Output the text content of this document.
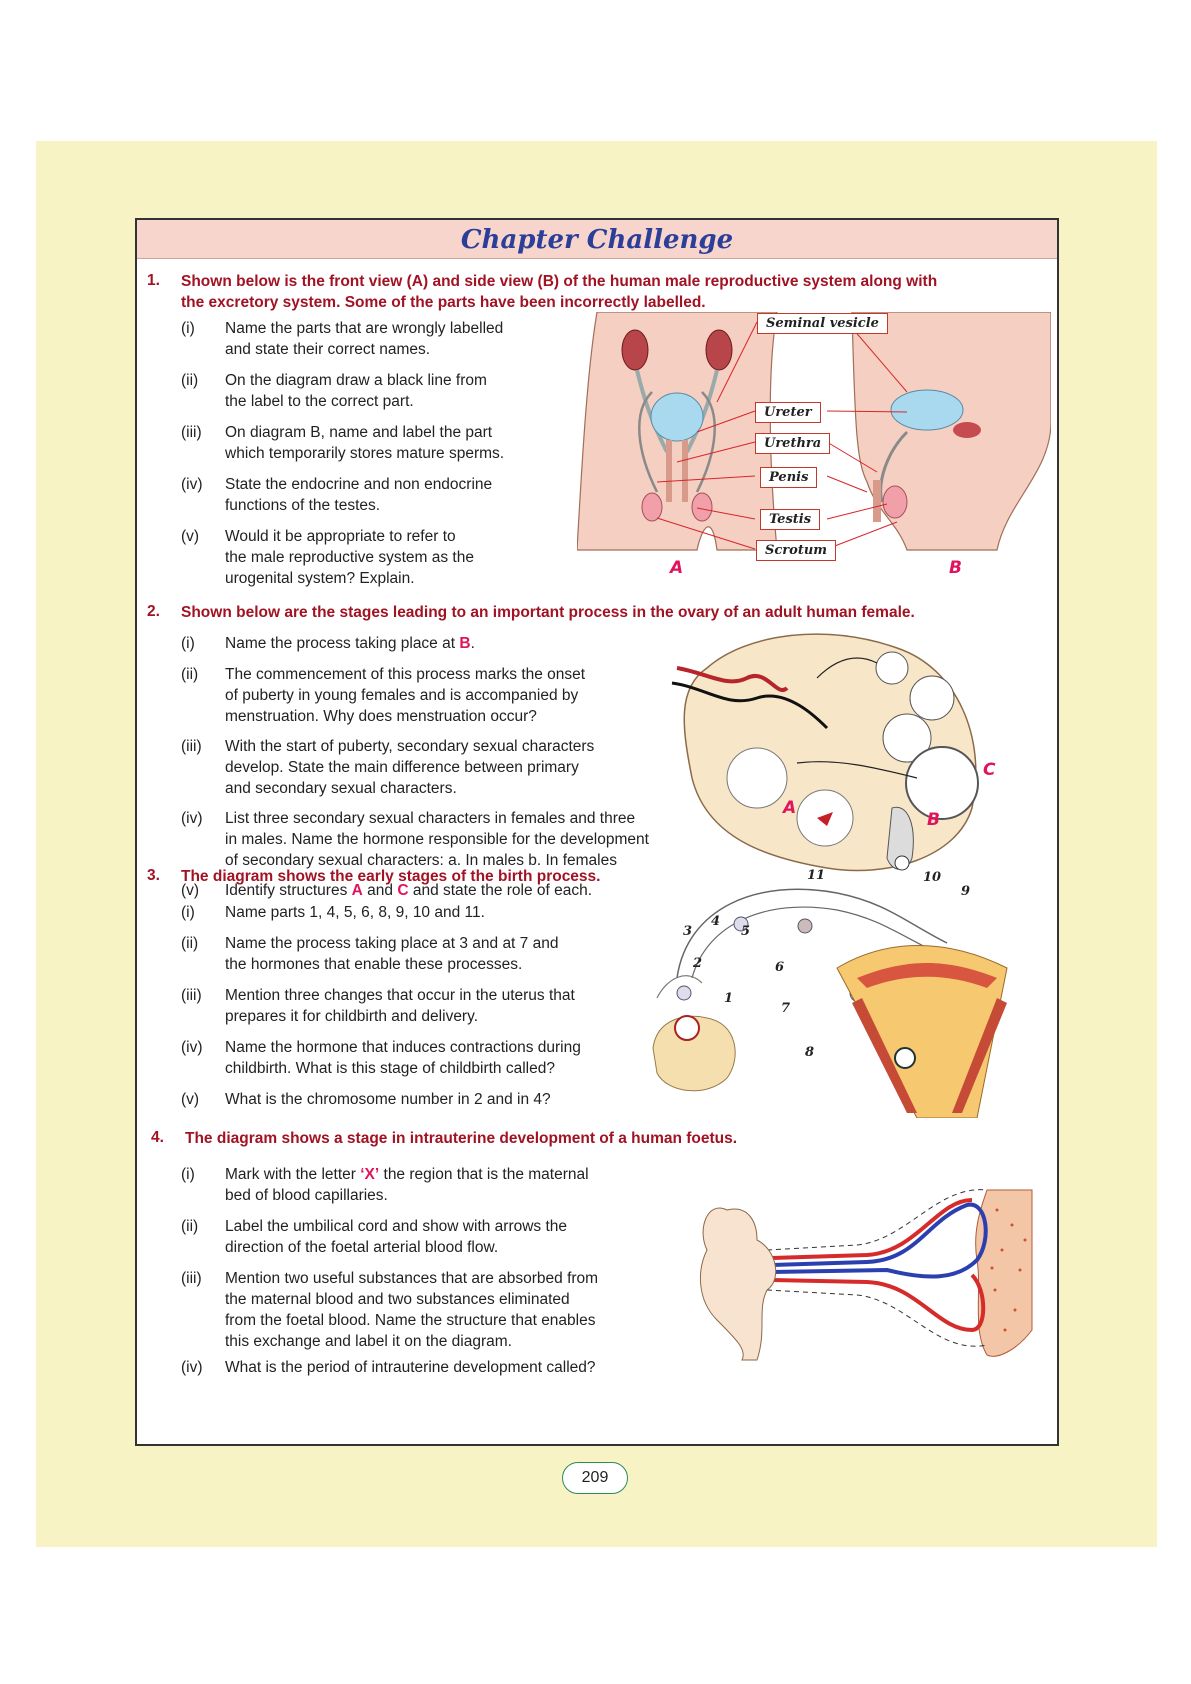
Chapter Challenge
1. Shown below is the front view (A) and side view (B) of the human male reproductive system along with
the excretory system. Some of the parts have been incorrectly labelled.
(i)	Name the parts that are wrongly labelled
and state their correct names.
(ii)	On the diagram draw a black line from
the label to the correct part.
(iii)	On diagram B, name and label the part
which temporarily stores mature sperms.
(iv)	State the endocrine and non endocrine
functions of the testes.
(v)	Would it be appropriate to refer to
the male reproductive system as the
urogenital system? Explain.
Seminal vesicle
Ureter
Urethra
Penis
Testis
Scrotum
A	B
2. Shown below are the stages leading to an important process in the ovary of an adult human female.
(i)	Name the process taking place at B.
(ii)	The commencement of this process marks the onset
of puberty in young females and is accompanied by
menstruation. Why does menstruation occur?
(iii)	With the start of puberty, secondary sexual characters
develop. State the main difference between primary
and secondary sexual characters.
(iv)	List three secondary sexual characters in females and three
in males. Name the hormone responsible for the development
of secondary sexual characters: a. In males b. In females
(v)	Identify structures A and C and state the role of each.
A
B
C
3. The diagram shows the early stages of the birth process.
(i)	Name parts 1, 4, 5, 6, 8, 9, 10 and 11.
(ii)	Name the process taking place at 3 and at 7 and
the hormones that enable these processes.
(iii)	Mention three changes that occur in the uterus that
prepares it for childbirth and delivery.
(iv)	Name the hormone that induces contractions during
childbirth. What is this stage of childbirth called?
(v)	What is the chromosome number in 2 and in 4?
1
2
3
4
5
6
7
8
9
10
11
4. The diagram shows a stage in intrauterine development of a human foetus.
(i)	Mark with the letter ‘X’ the region that is the maternal
bed of blood capillaries.
(ii)	Label the umbilical cord and show with arrows the
direction of the foetal arterial blood flow.
(iii)	Mention two useful substances that are absorbed from
the maternal blood and two substances eliminated
from the foetal blood. Name the structure that enables
this exchange and label it on the diagram.
(iv)	What is the period of intrauterine development called?
209
